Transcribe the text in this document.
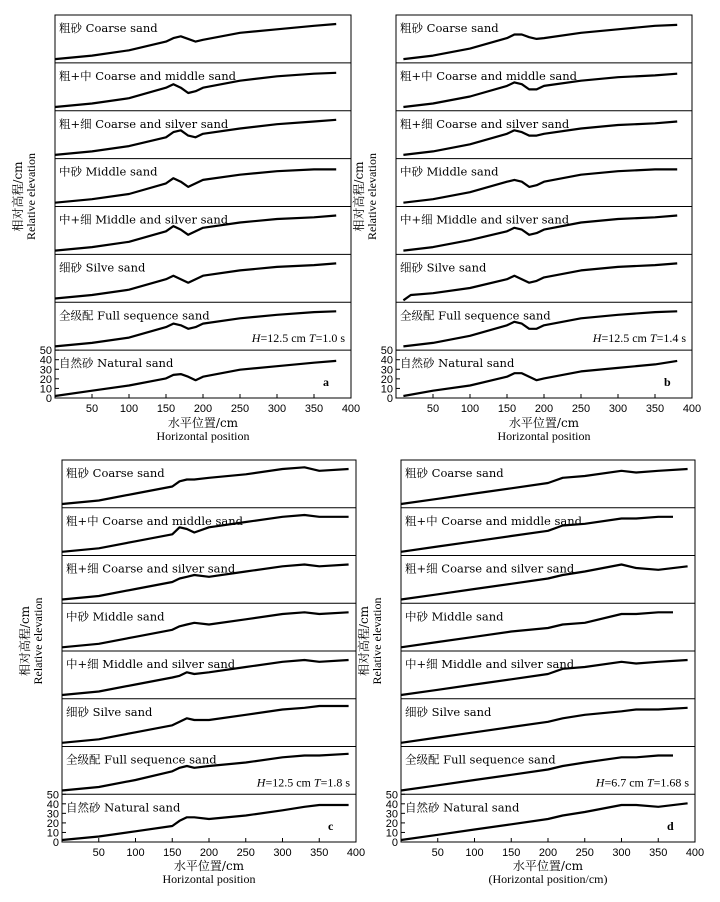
粗砂 Coarse sand
粗+中 Coarse and middle sand
粗+细 Coarse and silver sand
中砂 Middle sand
中+细 Middle and silver sand
细砂 Silve sand
全级配 Full sequence sand
自然砂 Natural sand
H=12.5 cm T=1.0 s
a
0
10
20
30
40
50
50 100 150 200 250 300 350 400
水平位置/cm
Horizontal position
相对高程/cm Relative elevation
粗砂 Coarse sand
粗+中 Coarse and middle sand
粗+细 Coarse and silver sand
中砂 Middle sand
中+细 Middle and silver sand
细砂 Silve sand
全级配 Full sequence sand
自然砂 Natural sand
H=12.5 cm T=1.4 s
b
0
10
20
30
40
50
50 100 150 200 250 300 350 400
水平位置/cm
Horizontal position
相对高程/cm Relative elevation
粗砂 Coarse sand
粗+中 Coarse and middle sand
粗+细 Coarse and silver sand
中砂 Middle sand
中+细 Middle and silver sand
细砂 Silve sand
全级配 Full sequence sand
自然砂 Natural sand
H=12.5 cm T=1.8 s
c
0
10
20
30
40
50
50 100 150 200 250 300 350 400
水平位置/cm
Horizontal position
相对高程/cm Relative elevation
粗砂 Coarse sand
粗+中 Coarse and middle sand
粗+细 Coarse and silver sand
中砂 Middle sand
中+细 Middle and silver sand
细砂 Silve sand
全级配 Full sequence sand
自然砂 Natural sand
H=6.7 cm T=1.68 s
d
0
10
20
30
40
50
50 100 150 200 250 300 350 400
水平位置/cm
(Horizontal position/cm)
相对高程/cm Relative elevation
